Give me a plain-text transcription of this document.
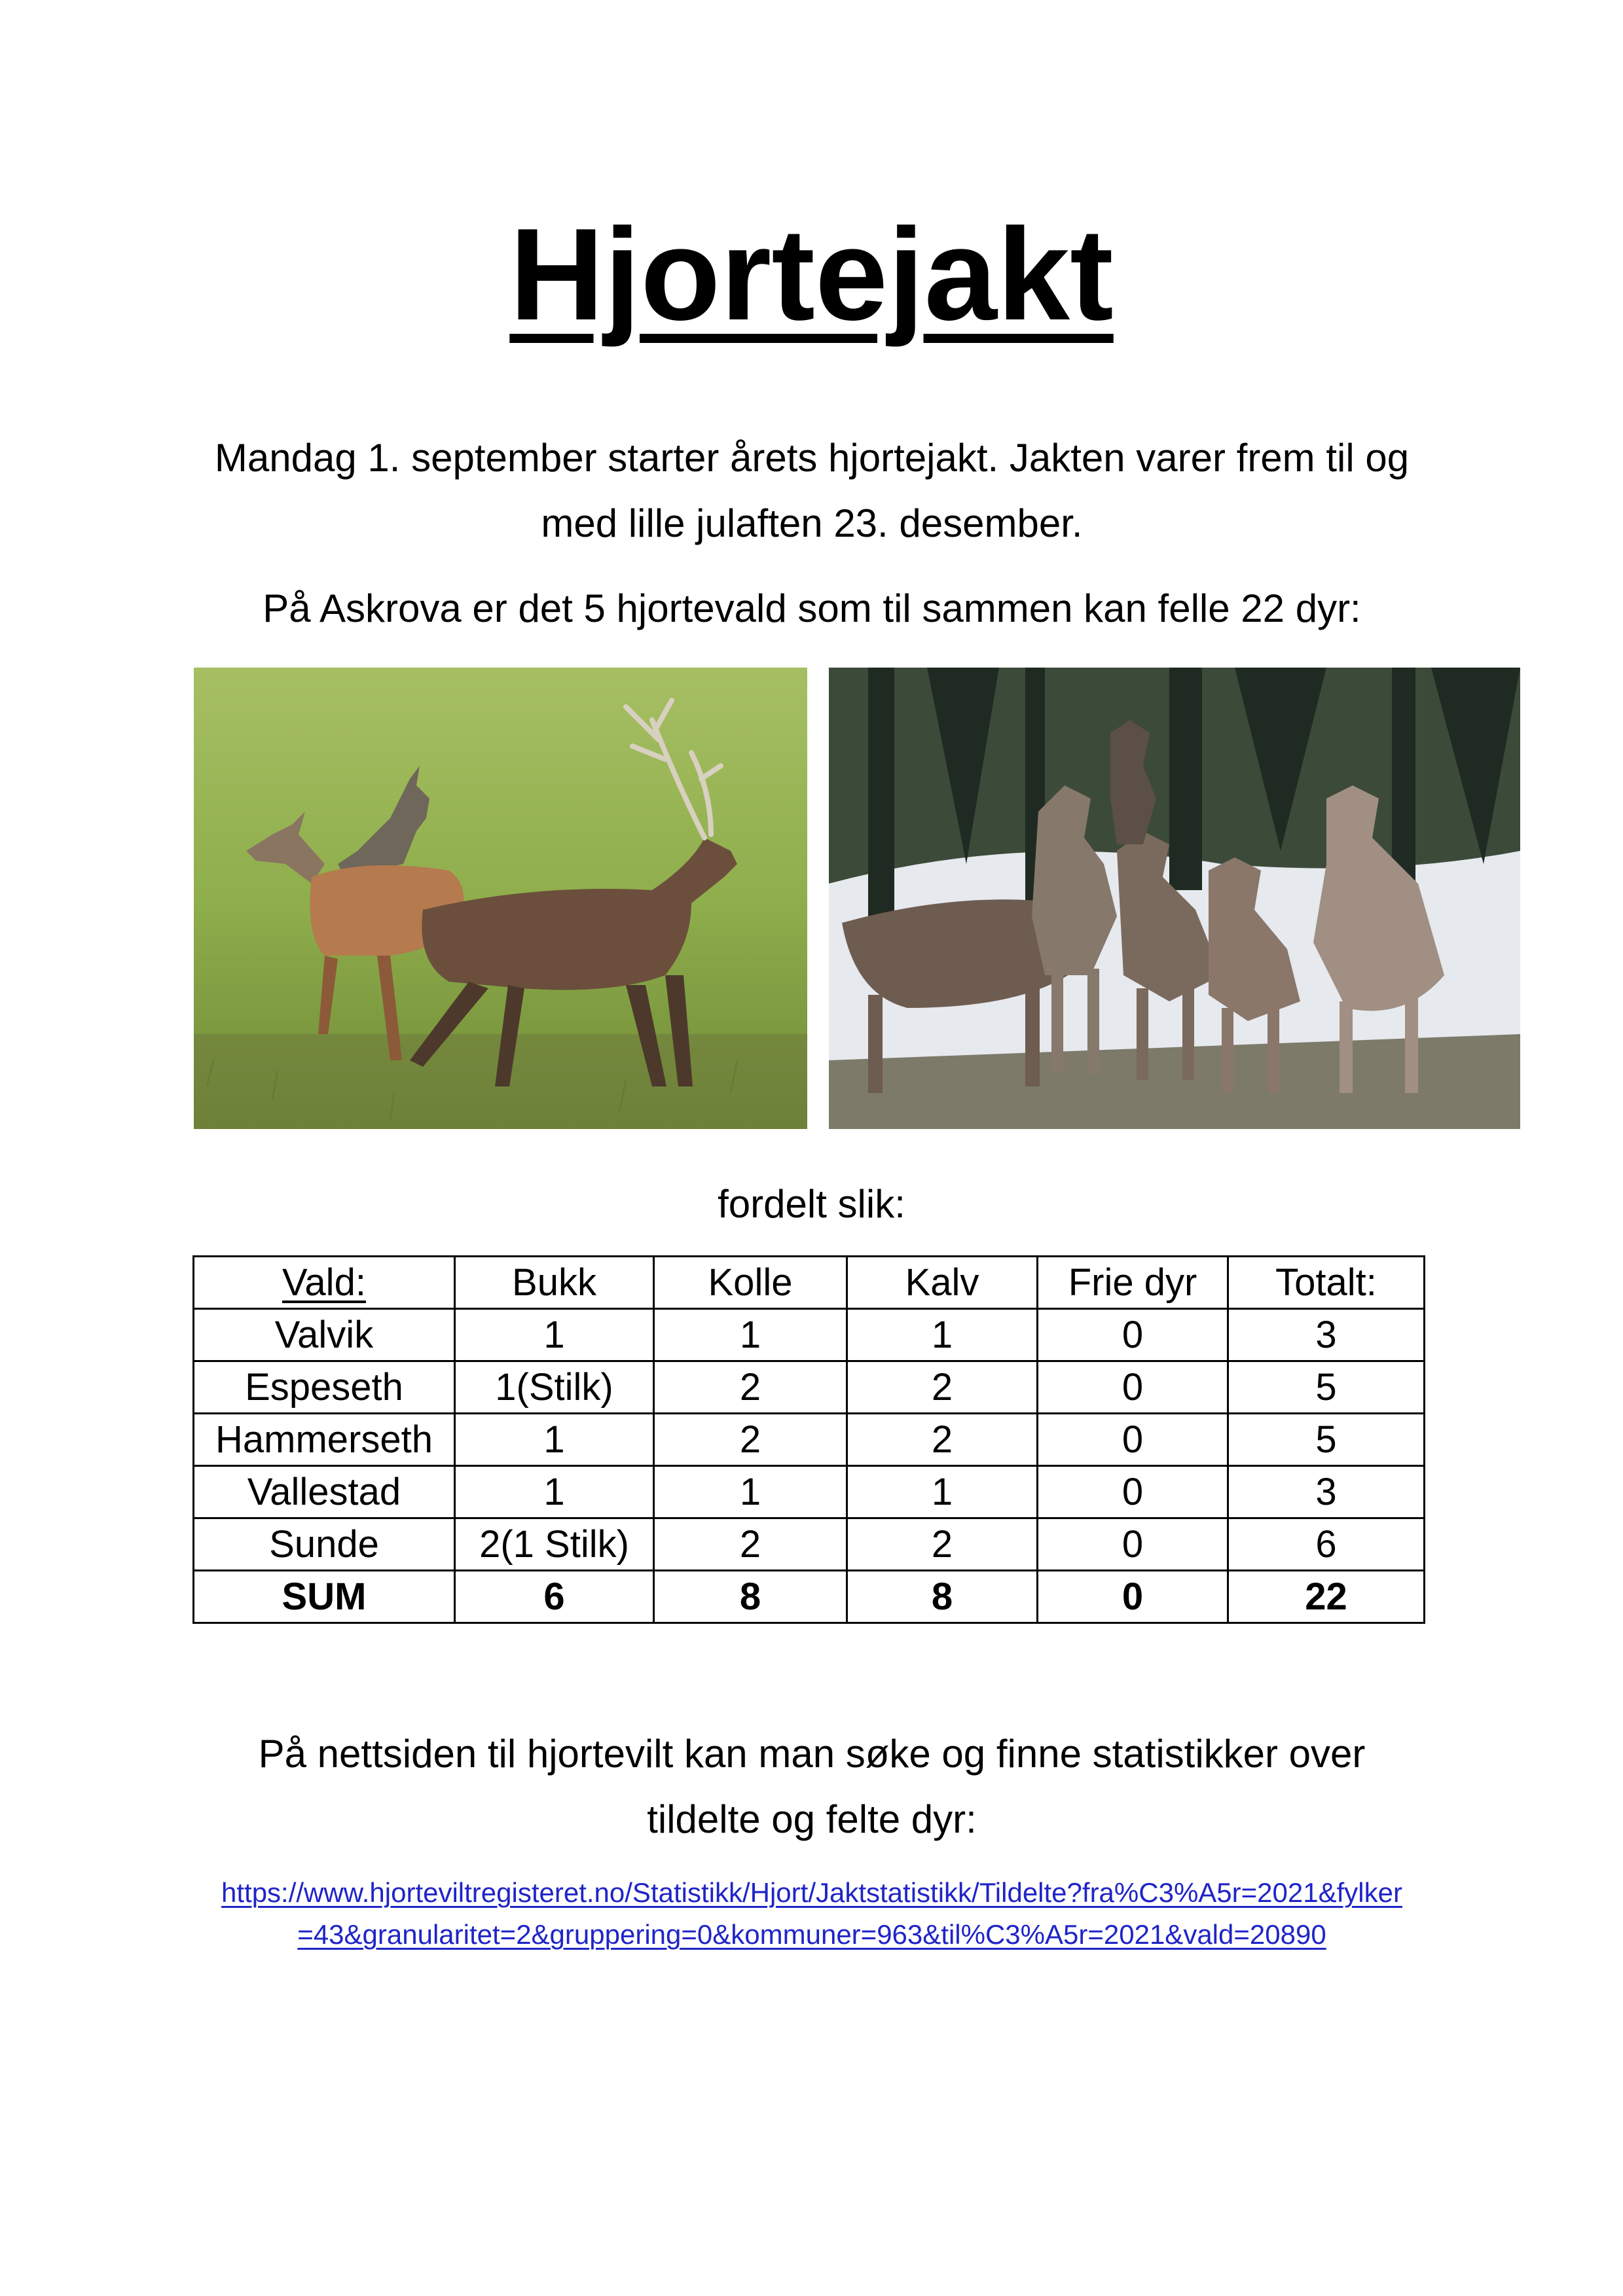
Hjortejakt

Mandag 1. september starter årets hjortejakt. Jakten varer frem til og
med lille julaften 23. desember.

På Askrova er det 5 hjortevald som til sammen kan felle 22 dyr:

fordelt slik:

Vald:	Bukk	Kolle	Kalv	Frie dyr	Totalt:
Valvik	1	1	1	0	3
Espeseth	1(Stilk)	2	2	0	5
Hammerseth	1	2	2	0	5
Vallestad	1	1	1	0	3
Sunde	2(1 Stilk)	2	2	0	6
SUM	6	8	8	0	22

På nettsiden til hjortevilt kan man søke og finne statistikker over
tildelte og felte dyr:

https://www.hjorteviltregisteret.no/Statistikk/Hjort/Jaktstatistikk/Tildelte?fra%C3%A5r=2021&fylker
=43&granularitet=2&gruppering=0&kommuner=963&til%C3%A5r=2021&vald=20890
